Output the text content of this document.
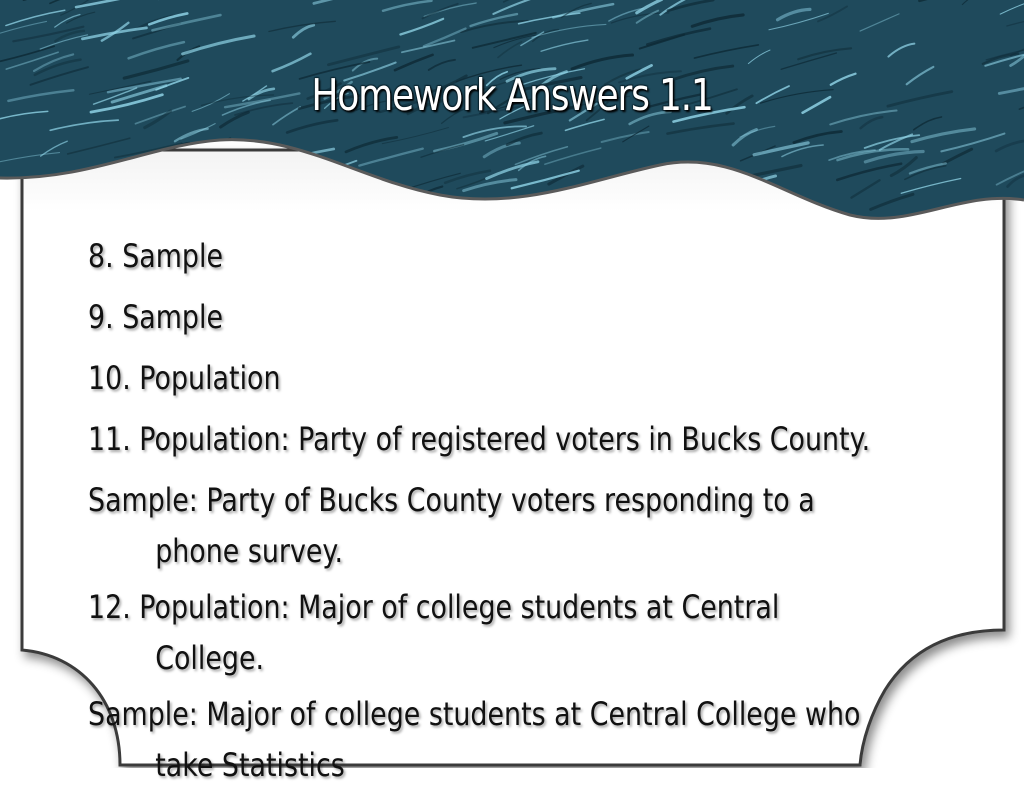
Homework Answers 1.1
8. Sample
9. Sample
10. Population
11. Population: Party of registered voters in Bucks County.
Sample: Party of Bucks County voters responding to a
phone survey.
12. Population: Major of college students at Central
College.
Sample: Major of college students at Central College who
take Statistics
